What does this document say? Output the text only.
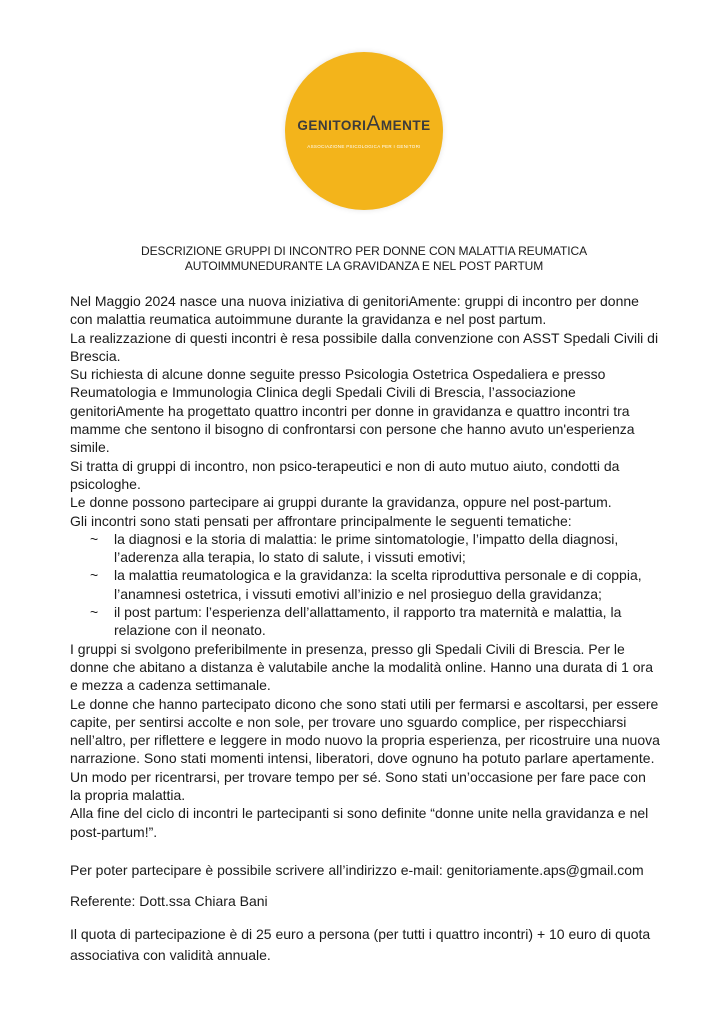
GENITORIAMENTE
ASSOCIAZIONE PSICOLOGICA PER I GENITORI
DESCRIZIONE GRUPPI DI INCONTRO PER DONNE CON MALATTIA REUMATICA
AUTOIMMUNEDURANTE LA GRAVIDANZA E NEL POST PARTUM

Nel Maggio 2024 nasce una nuova iniziativa di genitoriAmente: gruppi di incontro per donne con malattia reumatica autoimmune durante la gravidanza e nel post partum.

La realizzazione di questi incontri è resa possibile dalla convenzione con ASST Spedali Civili di Brescia.

Su richiesta di alcune donne seguite presso Psicologia Ostetrica Ospedaliera e presso Reumatologia e Immunologia Clinica degli Spedali Civili di Brescia, l’associazione genitoriAmente ha progettato quattro incontri per donne in gravidanza e quattro incontri tra mamme che sentono il bisogno di confrontarsi con persone che hanno avuto un'esperienza simile.

Si tratta di gruppi di incontro, non psico-terapeutici e non di auto mutuo aiuto, condotti da psicologhe.

Le donne possono partecipare ai gruppi durante la gravidanza, oppure nel post-partum.

Gli incontri sono stati pensati per affrontare principalmente le seguenti tematiche:

~ la diagnosi e la storia di malattia: le prime sintomatologie, l’impatto della diagnosi, l’aderenza alla terapia, lo stato di salute, i vissuti emotivi;
~ la malattia reumatologica e la gravidanza: la scelta riproduttiva personale e di coppia, l’anamnesi ostetrica, i vissuti emotivi all’inizio e nel prosieguo della gravidanza;
~ il post partum: l’esperienza dell’allattamento, il rapporto tra maternità e malattia, la relazione con il neonato.

I gruppi si svolgono preferibilmente in presenza, presso gli Spedali Civili di Brescia. Per le donne che abitano a distanza è valutabile anche la modalità online. Hanno una durata di 1 ora e mezza a cadenza settimanale.

Le donne che hanno partecipato dicono che sono stati utili per fermarsi e ascoltarsi, per essere capite, per sentirsi accolte e non sole, per trovare uno sguardo complice, per rispecchiarsi nell’altro, per riflettere e leggere in modo nuovo la propria esperienza, per ricostruire una nuova narrazione. Sono stati momenti intensi, liberatori, dove ognuno ha potuto parlare apertamente. Un modo per ricentrarsi, per trovare tempo per sé. Sono stati un’occasione per fare pace con la propria malattia.

Alla fine del ciclo di incontri le partecipanti si sono definite “donne unite nella gravidanza e nel post-partum!”.

Per poter partecipare è possibile scrivere all’indirizzo e-mail: genitoriamente.aps@gmail.com
Referente: Dott.ssa Chiara Bani
Il quota di partecipazione è di 25 euro a persona (per tutti i quattro incontri) + 10 euro di quota associativa con validità annuale.
